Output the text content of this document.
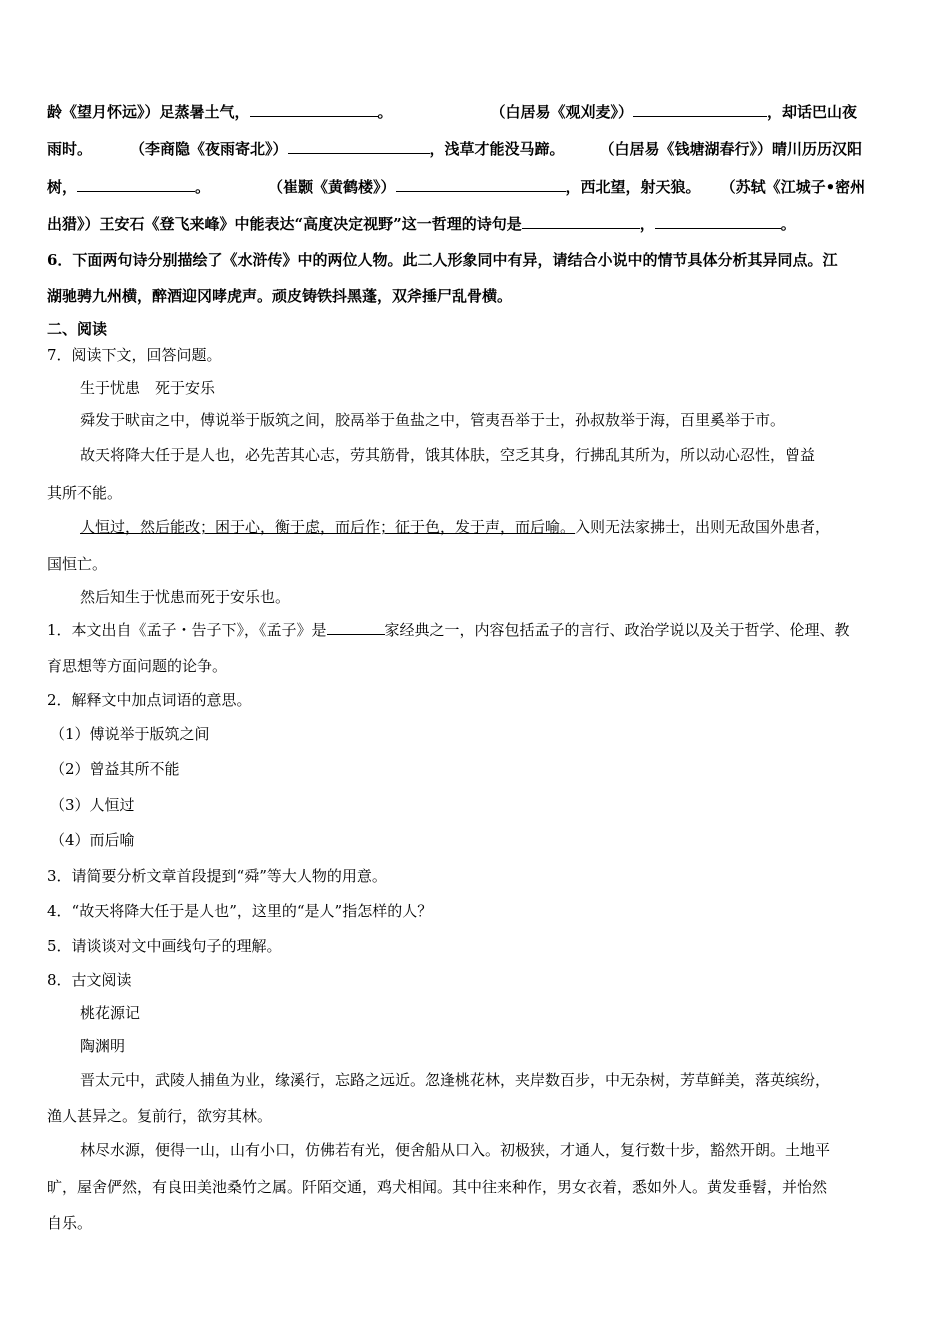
龄《望月怀远》）足蒸暑土气，	。	（白居易《观刈麦》）	，却话巴山夜
雨时。	（李商隐《夜雨寄北》）	，浅草才能没马蹄。 （白居易《钱塘湖春行》）晴川历历汉阳
树，	。	（崔颢《黄鹤楼》）	，西北望，射天狼。 （苏轼《江城子•密州
出猎》）王安石《登飞来峰》中能表达“高度决定视野”这一哲理的诗句是	，	。
6．下面两句诗分别描绘了《水浒传》中的两位人物。此二人形象同中有异，请结合小说中的情节具体分析其异同点。江
湖驰骋九州横，醉酒迎冈哮虎声。顽皮铸铁抖黑蓬，双斧捶尸乱骨横。
二、阅读
7．阅读下文，回答问题。
生于忧患　死于安乐
舜发于畎亩之中，傅说举于版筑之间，胶鬲举于鱼盐之中，管夷吾举于士，孙叔敖举于海，百里奚举于市。
故天将降大任于是人也，必先苦其心志，劳其筋骨，饿其体肤，空乏其身，行拂乱其所为，所以动心忍性，曾益
其所不能。
人恒过，然后能改；困于心，衡于虑，而后作；征于色，发于声，而后喻。入则无法家拂士，出则无敌国外患者，
国恒亡。
然后知生于忧患而死于安乐也。
1．本文出自《孟子・告子下》，《孟子》是	家经典之一，内容包括孟子的言行、政治学说以及关于哲学、伦理、教
育思想等方面问题的论争。
2．解释文中加点词语的意思。
（1）傅说举于版筑之间
（2）曾益其所不能
（3）人恒过
（4）而后喻
3．请简要分析文章首段提到“舜”等大人物的用意。
4．“故天将降大任于是人也”，这里的“是人”指怎样的人？
5．请谈谈对文中画线句子的理解。
8．古文阅读
桃花源记
陶渊明
晋太元中，武陵人捕鱼为业，缘溪行，忘路之远近。忽逢桃花林，夹岸数百步，中无杂树，芳草鲜美，落英缤纷，
渔人甚异之。复前行，欲穷其林。
林尽水源，便得一山，山有小口，仿佛若有光，便舍船从口入。初极狭，才通人，复行数十步，豁然开朗。土地平
旷，屋舍俨然，有良田美池桑竹之属。阡陌交通，鸡犬相闻。其中往来种作，男女衣着，悉如外人。黄发垂髫，并怡然
自乐。
